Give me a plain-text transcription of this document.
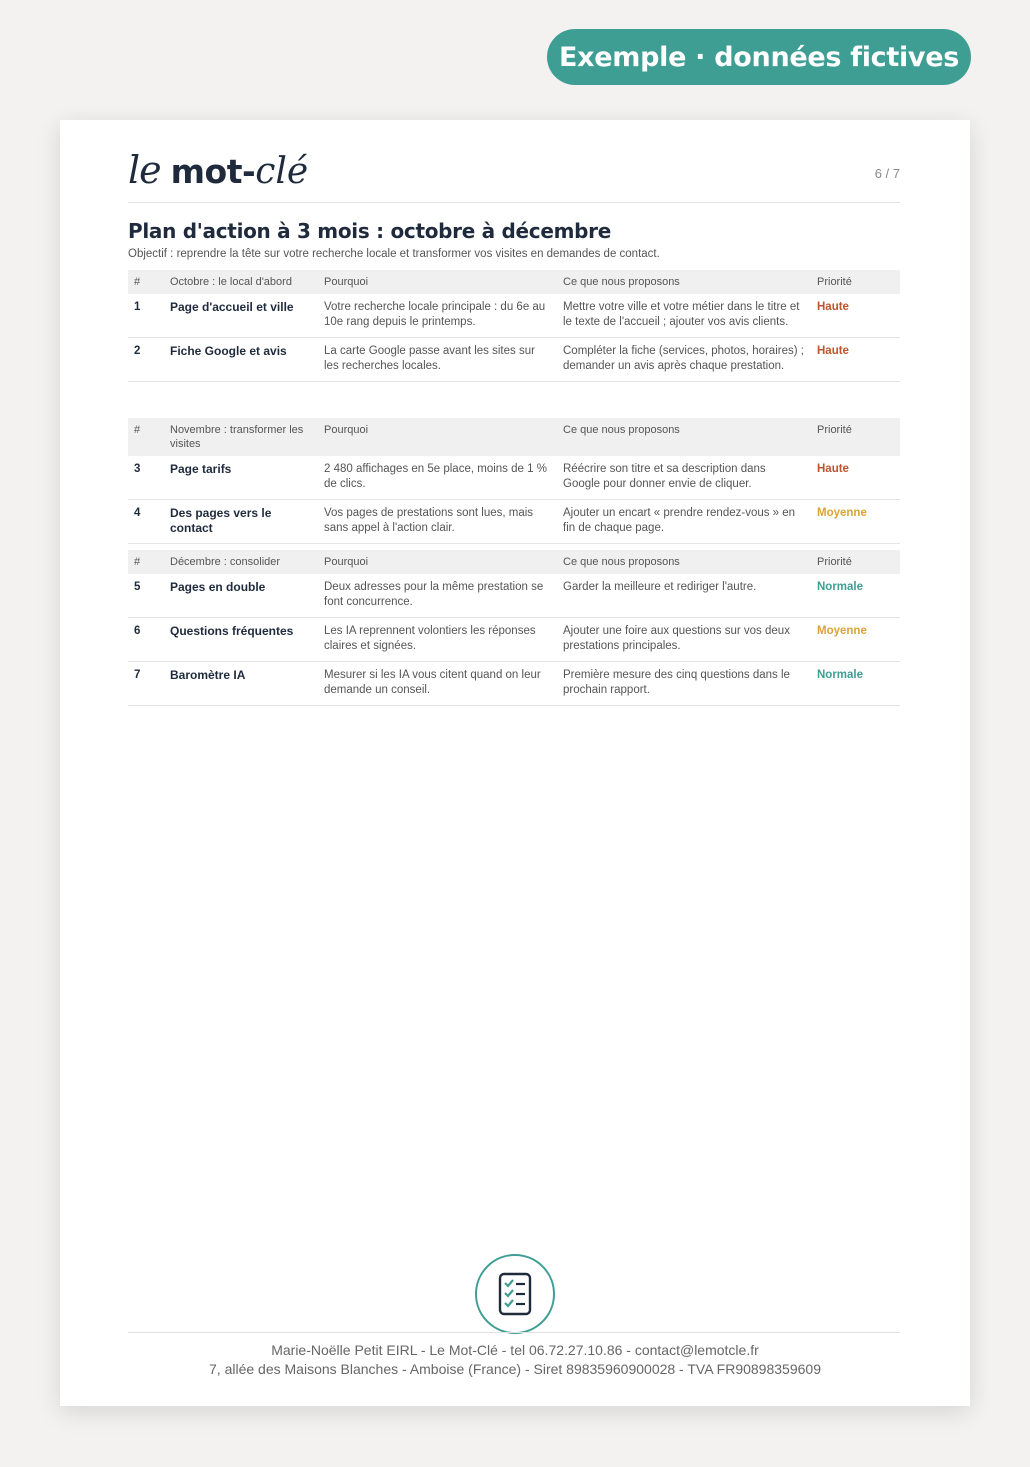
Exemple · données fictives
le mot- clé	6 / 7
Plan d'action à 3 mois : octobre à décembre
Objectif : reprendre la tête sur votre recherche locale et transformer vos visites en demandes de contact.
#	Octobre : le local d'abord	Pourquoi	Ce que nous proposons	Priorité
1	Page d'accueil et ville	Votre recherche locale principale : du 6e au 10e rang depuis le printemps.	Mettre votre ville et votre métier dans le titre et le texte de l'accueil ; ajouter vos avis clients.	Haute
2	Fiche Google et avis	La carte Google passe avant les sites sur les recherches locales.	Compléter la fiche (services, photos, horaires) ; demander un avis après chaque prestation.	Haute
#	Novembre : transformer les visites	Pourquoi	Ce que nous proposons	Priorité
3	Page tarifs	2 480 affichages en 5e place, moins de 1 % de clics.	Réécrire son titre et sa description dans Google pour donner envie de cliquer.	Haute
4	Des pages vers le contact	Vos pages de prestations sont lues, mais sans appel à l'action clair.	Ajouter un encart « prendre rendez-vous » en fin de chaque page.	Moyenne
#	Décembre : consolider	Pourquoi	Ce que nous proposons	Priorité
5	Pages en double	Deux adresses pour la même prestation se font concurrence.	Garder la meilleure et rediriger l'autre.	Normale
6	Questions fréquentes	Les IA reprennent volontiers les réponses claires et signées.	Ajouter une foire aux questions sur vos deux prestations principales.	Moyenne
7	Baromètre IA	Mesurer si les IA vous citent quand on leur demande un conseil.	Première mesure des cinq questions dans le prochain rapport.	Normale
Marie-Noëlle Petit EIRL - Le Mot-Clé - tel 06.72.27.10.86 - contact@lemotcle.fr
7, allée des Maisons Blanches - Amboise (France) - Siret 89835960900028 - TVA FR90898359609
